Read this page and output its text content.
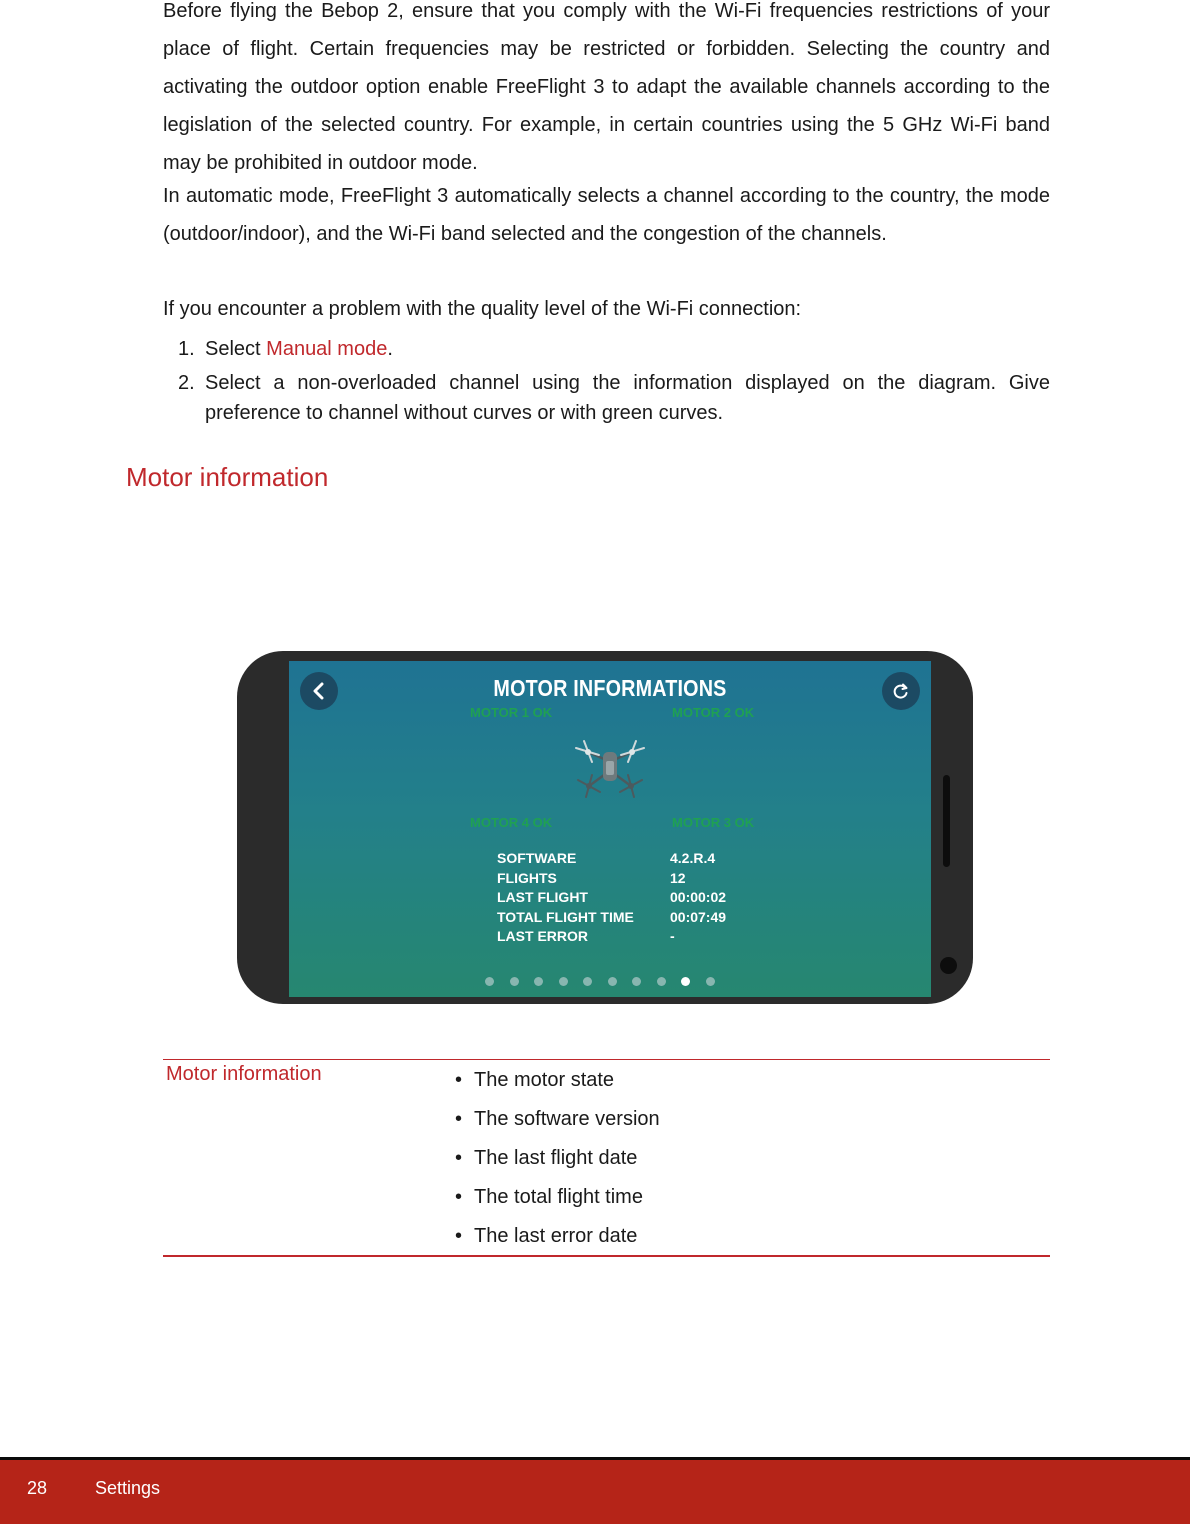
Before flying the Bebop 2, ensure that you comply with the Wi-Fi frequencies restrictions of your place of flight. Certain frequencies may be restricted or forbidden. Selecting the country and activating the outdoor option enable FreeFlight 3 to adapt the available channels according to the legislation of the selected country. For example, in certain countries using the 5 GHz Wi-Fi band may be prohibited in outdoor mode.

In automatic mode, FreeFlight 3 automatically selects a channel according to the country, the mode (outdoor/indoor), and the Wi-Fi band selected and the congestion of the channels.

If you encounter a problem with the quality level of the Wi-Fi connection:

1. Select Manual mode.
2. Select a non-overloaded channel using the information displayed on the diagram. Give preference to channel without curves or with green curves.
Motor information
MOTOR INFORMATIONS
MOTOR 1 OK	MOTOR 2 OK
MOTOR 4 OK	MOTOR 3 OK
SOFTWARE	4.2.R.4
FLIGHTS	12
LAST FLIGHT	00:00:02
TOTAL FLIGHT TIME	00:07:49
LAST ERROR	-
Motor information
•	The motor state
• The software version
• The last flight date
• The total flight time
• The last error date
28	Settings
